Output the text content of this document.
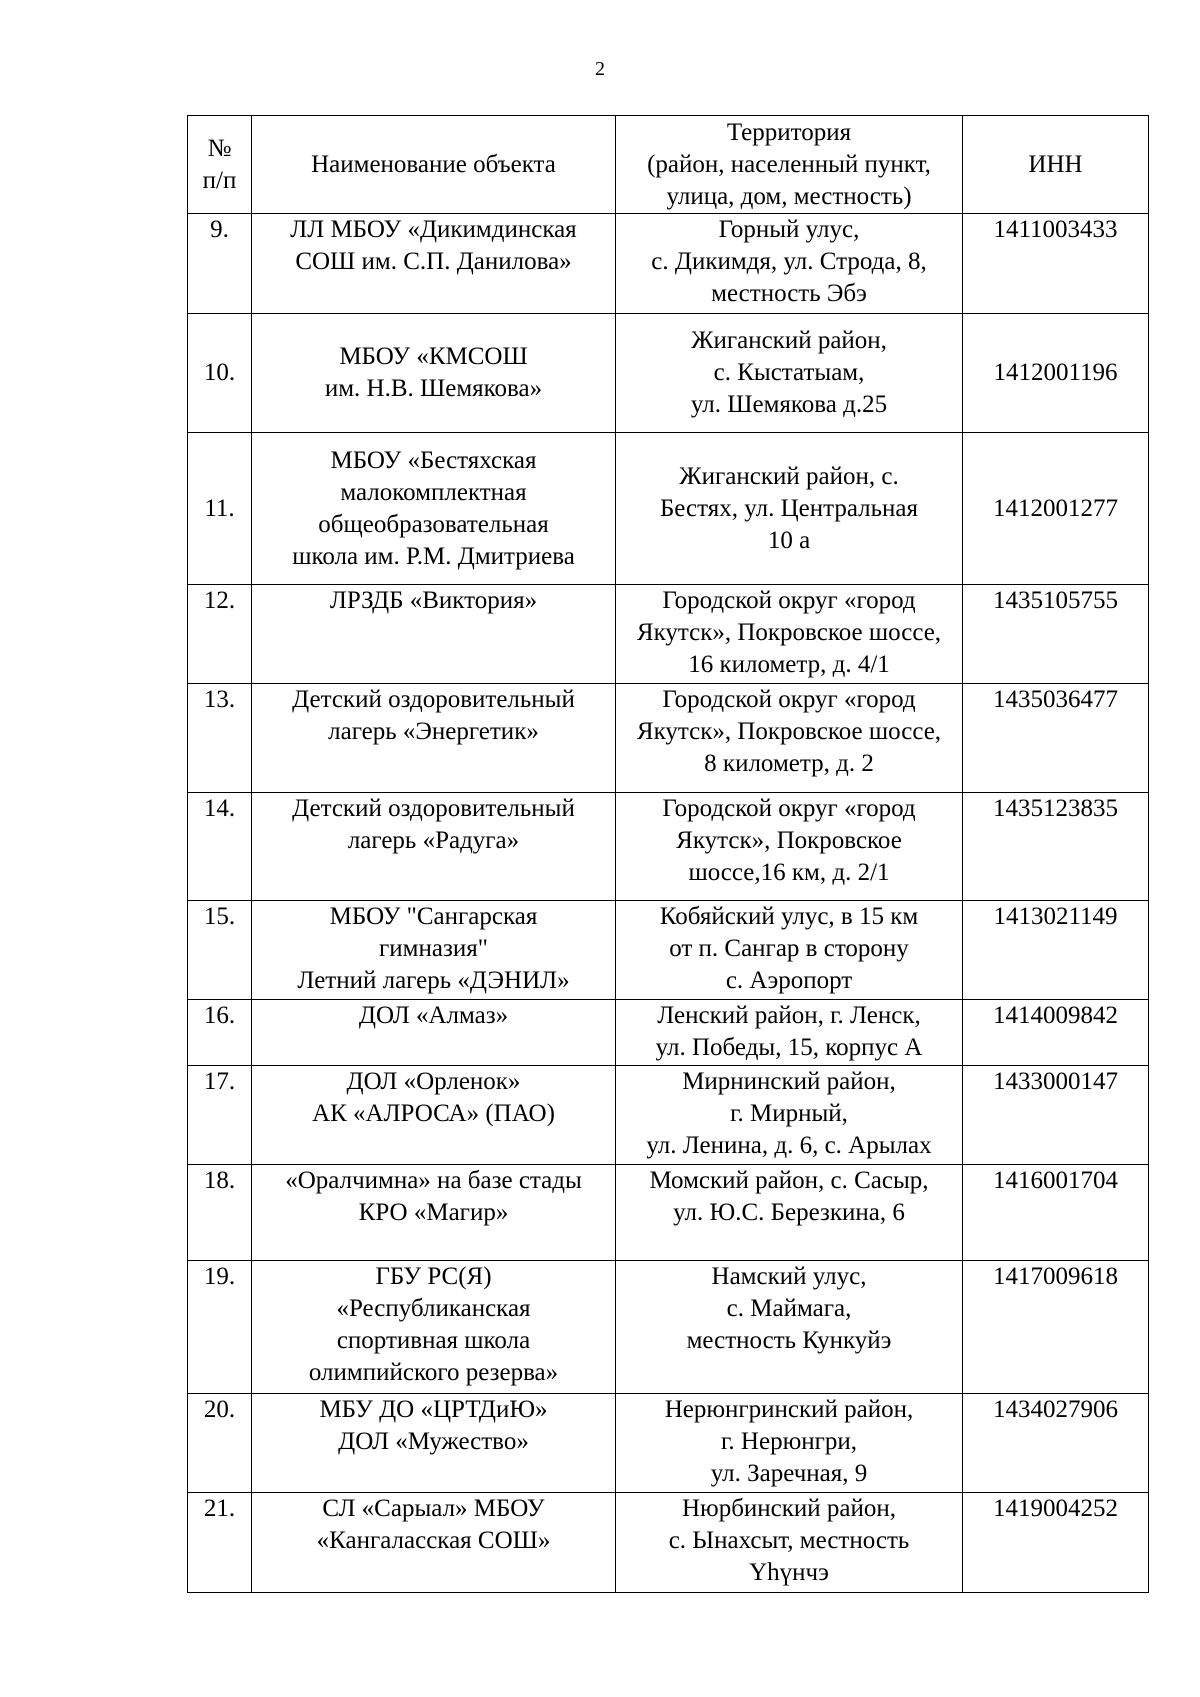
2
№
п/п	Наименование объекта	Территория
(район, населенный пункт,
улица, дом, местность)	ИНН

9.	ЛЛ МБОУ «Дикимдинская
СОШ им. С.П. Данилова»	Горный улус,
с. Дикимдя, ул. Строда, 8,
местность Эбэ	1411003433
10.	МБОУ «КМСОШ
им. Н.В. Шемякова»	Жиганский район,
с. Кыстатыам,
ул. Шемякова д.25	1412001196
11.	МБОУ «Бестяхская
малокомплектная
общеобразовательная
школа им. Р.М. Дмитриева	Жиганский район, с.
Бестях, ул. Центральная
10 а	1412001277
12.	ЛРЗДБ «Виктория»	Городской округ «город
Якутск», Покровское шоссе,
16 километр, д. 4/1	1435105755
13.	Детский оздоровительный
лагерь «Энергетик»	Городской округ «город
Якутск», Покровское шоссе,
8 километр, д. 2	1435036477
14.	Детский оздоровительный
лагерь «Радуга»	Городской округ «город
Якутск», Покровское
шоссе,16 км, д. 2/1	1435123835
15.	МБОУ "Сангарская
гимназия"
Летний лагерь «ДЭНИЛ»	Кобяйский улус, в 15 км
от п. Сангар в сторону
с. Аэропорт	1413021149
16.	ДОЛ «Алмаз»	Ленский район, г. Ленск,
ул. Победы, 15, корпус А	1414009842
17.	ДОЛ «Орленок»
АК «АЛРОСА» (ПАО)	Мирнинский район,
г. Мирный,
ул. Ленина, д. 6, с. Арылах	1433000147
18.	«Оралчимна» на базе стады
КРО «Магир»	Момский район, с. Сасыр,
ул. Ю.С. Березкина, 6	1416001704
19.	ГБУ РС(Я)
«Республиканская
спортивная школа
олимпийского резерва»	Намский улус,
с. Маймага,
местность Кункуйэ	1417009618
20.	МБУ ДО «ЦРТДиЮ»
ДОЛ «Мужество»	Нерюнгринский район,
г. Нерюнгри,
ул. Заречная, 9	1434027906
21.	СЛ «Сарыал» МБОУ
«Кангаласская СОШ»	Нюрбинский район,
с. Ынахсыт, местность
Үһүнчэ	1419004252
